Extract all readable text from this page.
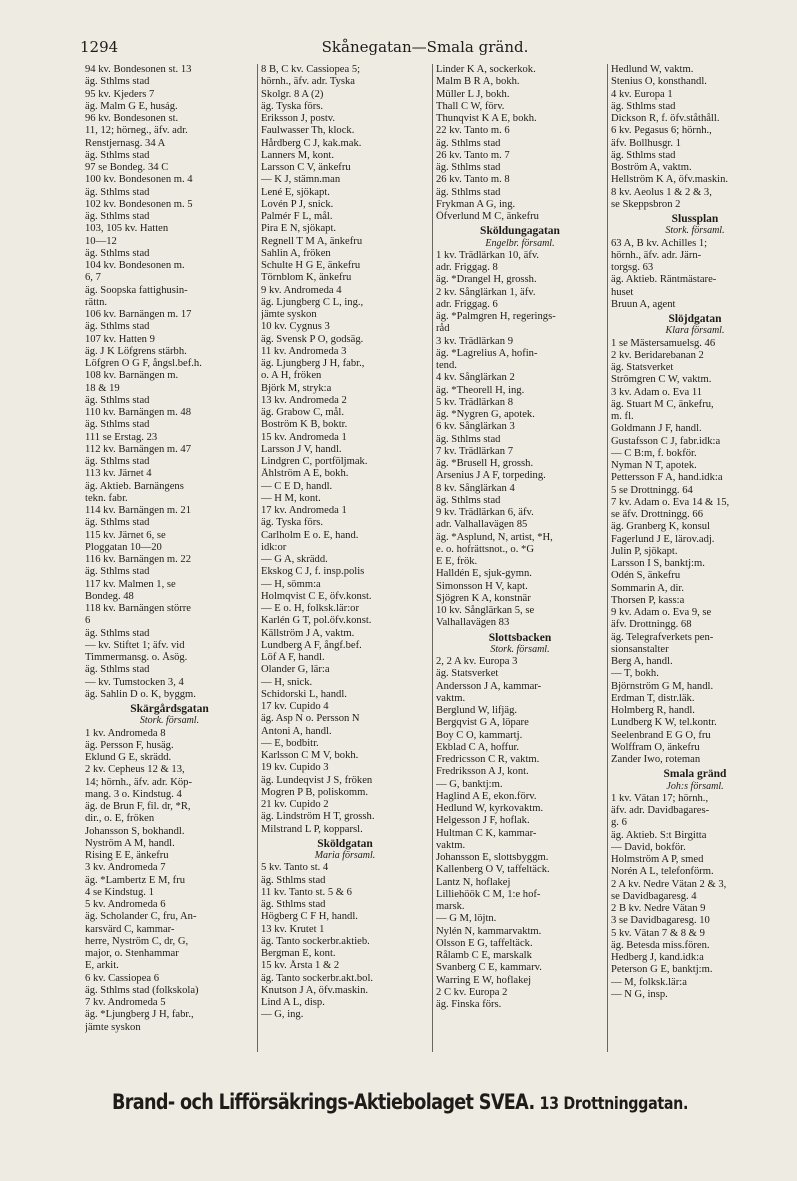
1294	Skånegatan—Smala gränd.
94 kv. Bondesonen st. 13
äg. Sthlms stad
95 kv. Kjeders 7
äg. Malm G E, huság.
96 kv. Bondesonen st.
11, 12; hörneg., äfv. adr.
Renstjernasg. 34 A
äg. Sthlms stad
97 se Bondeg. 34 C
100 kv. Bondesonen m. 4
äg. Sthlms stad
102 kv. Bondesonen m. 5
äg. Sthlms stad
103, 105 kv. Hatten
10—12
äg. Sthlms stad
104 kv. Bondesonen m.
6, 7
äg. Soopska fattighusin-
rättn.
106 kv. Barnängen m. 17
äg. Sthlms stad
107 kv. Hatten 9
äg. J K Löfgrens stärbh.
Löfgren O G F, ångsl.bef.h.
108 kv. Barnängen m.
18 & 19
äg. Sthlms stad
110 kv. Barnängen m. 48
äg. Sthlms stad
111 se Erstag. 23
112 kv. Barnängen m. 47
äg. Sthlms stad
113 kv. Järnet 4
äg. Aktieb. Barnängens
tekn. fabr.
114 kv. Barnängen m. 21
äg. Sthlms stad
115 kv. Järnet 6, se
Ploggatan 10—20
116 kv. Barnängen m. 22
äg. Sthlms stad
117 kv. Malmen 1, se
Bondeg. 48
118 kv. Barnängen större
6
äg. Sthlms stad
— kv. Stiftet 1; äfv. vid
Timmermansg. o. Åsög.
äg. Sthlms stad
— kv. Tumstocken 3, 4
äg. Sahlin D o. K, byggm.
Skärgårdsgatan
Stork. församl.
1 kv. Andromeda 8
äg. Persson F, husäg.
Eklund G E, skrädd.
2 kv. Cepheus 12 & 13,
14; hörnh., äfv. adr. Köp-
mang. 3 o. Kindstug. 4
äg. de Brun F, fil. dr, *R,
dir., o. E, fröken
Johansson S, bokhandl.
Nyström A M, handl.
Rising E E, änkefru
3 kv. Andromeda 7
äg. *Lambertz E M, fru
4 se Kindstug. 1
5 kv. Andromeda 6
äg. Scholander C, fru, An-
karsvärd C, kammar-
herre, Nyström C, dr, G,
major, o. Stenhammar
E, arkit.
6 kv. Cassiopea 6
äg. Sthlms stad (folkskola)
7 kv. Andromeda 5
äg. *Ljungberg J H, fabr.,
jämte syskon
8 B, C kv. Cassiopea 5;
hörnh., äfv. adr. Tyska
Skolgr. 8 A (2)
äg. Tyska förs.
Eriksson J, postv.
Faulwasser Th, klock.
Hårdberg C J, kak.mak.
Lanners M, kont.
Larsson C V, änkefru
— K J, stämn.man
Lené E, sjökapt.
Lovén P J, snick.
Palmér F L, mål.
Pira E N, sjökapt.
Regnell T M A, änkefru
Sahlin A, fröken
Schulte H G E, änkefru
Törnblom K, änkefru
9 kv. Andromeda 4
äg. Ljungberg C L, ing.,
jämte syskon
10 kv. Cygnus 3
äg. Svensk P O, godsäg.
11 kv. Andromeda 3
äg. Ljungberg J H, fabr.,
o. A H, fröken
Björk M, stryk:a
13 kv. Andromeda 2
äg. Grabow C, mål.
Boström K B, boktr.
15 kv. Andromeda 1
Larsson J V, handl.
Lindgren C, portföljmak.
Åhlström A E, bokh.
— C E D, handl.
— H M, kont.
17 kv. Andromeda 1
äg. Tyska förs.
Carlholm E o. E, hand.
idk:or
— G A, skrädd.
Ekskog C J, f. insp.polis
— H, sömm:a
Holmqvist C E, öfv.konst.
— E o. H, folksk.lär:or
Karlén G T, pol.öfv.konst.
Källström J A, vaktm.
Lundberg A F, ångf.bef.
Löf A F, handl.
Olander G, lär:a
— H, snick.
Schidorski L, handl.
17 kv. Cupido 4
äg. Asp N o. Persson N
Antoni A, handl.
— E, bodbitr.
Karlsson C M V, bokh.
19 kv. Cupido 3
äg. Lundeqvist J S, fröken
Mogren P B, poliskomm.
21 kv. Cupido 2
äg. Lindström H T, grossh.
Milstrand L P, kopparsl.
Sköldgatan
Maria församl.
5 kv. Tanto st. 4
äg. Sthlms stad
11 kv. Tanto st. 5 & 6
äg. Sthlms stad
Högberg C F H, handl.
13 kv. Krutet 1
äg. Tanto sockerbr.aktieb.
Bergman E, kont.
15 kv. Årsta 1 & 2
äg. Tanto sockerbr.akt.bol.
Knutson J A, öfv.maskin.
Lind A L, disp.
— G, ing.
Linder K A, sockerkok.
Malm B R A, bokh.
Müller L J, bokh.
Thall C W, förv.
Thunqvist K A E, bokh.
22 kv. Tanto m. 6
äg. Sthlms stad
26 kv. Tanto m. 7
äg. Sthlms stad
26 kv. Tanto m. 8
äg. Sthlms stad
Frykman A G, ing.
Öfverlund M C, änkefru
Sköldungagatan
Engelbr. församl.
1 kv. Trädlärkan 10, äfv.
adr. Friggag. 8
äg. *Drangel H, grossh.
2 kv. Sånglärkan 1, äfv.
adr. Friggag. 6
äg. *Palmgren H, regerings-
råd
3 kv. Trädlärkan 9
äg. *Lagrelius A, hofin-
tend.
4 kv. Sånglärkan 2
äg. *Theorell H, ing.
5 kv. Trädlärkan 8
äg. *Nygren G, apotek.
6 kv. Sånglärkan 3
äg. Sthlms stad
7 kv. Trädlärkan 7
äg. *Brusell H, grossh.
Arsenius J A F, torpeding.
8 kv. Sånglärkan 4
äg. Sthlms stad
9 kv. Trädlärkan 6, äfv.
adr. Valhallavägen 85
äg. *Asplund, N, artist, *H,
e. o. hofrättsnot., o. *G
E E, frök.
Halldén E, sjuk-gymn.
Simonsson H V, kapt.
Sjögren K A, konstnär
10 kv. Sånglärkan 5, se
Valhallavägen 83
Slottsbacken
Stork. församl.
2, 2 A kv. Europa 3
äg. Statsverket
Andersson J A, kammar-
vaktm.
Berglund W, lifjäg.
Bergqvist G A, löpare
Boy C O, kammartj.
Ekblad C A, hoffur.
Fredricsson C R, vaktm.
Fredriksson A J, kont.
— G, banktj:m.
Haglind A E, ekon.förv.
Hedlund W, kyrkovaktm.
Helgesson J F, hoflak.
Hultman C K, kammar-
vaktm.
Johansson E, slottsbyggm.
Kallenberg O V, taffeltäck.
Lantz N, hoflakej
Lilliehöök C M, 1:e hof-
marsk.
— G M, löjtn.
Nylén N, kammarvaktm.
Olsson E G, taffeltäck.
Rålamb C E, marskalk
Svanberg C E, kammarv.
Warring E W, hoflakej
2 C kv. Europa 2
äg. Finska förs.
Hedlund W, vaktm.
Stenius O, konsthandl.
4 kv. Europa 1
äg. Sthlms stad
Dickson R, f. öfv.ståthåll.
6 kv. Pegasus 6; hörnh.,
äfv. Bollhusgr. 1
äg. Sthlms stad
Boström A, vaktm.
Hellström K A, öfv.maskin.
8 kv. Aeolus 1 & 2 & 3,
se Skeppsbron 2
Slussplan
Stork. församl.
63 A, B kv. Achilles 1;
hörnh., äfv. adr. Järn-
torgsg. 63
äg. Aktieb. Räntmästare-
huset
Bruun A, agent
Slöjdgatan
Klara församl.
1 se Mästersamuelsg. 46
2 kv. Beridarebanan 2
äg. Statsverket
Strömgren C W, vaktm.
3 kv. Adam o. Eva 11
äg. Stuart M C, änkefru,
m. fl.
Goldmann J F, handl.
Gustafsson C J, fabr.idk:a
— C B:m, f. bokför.
Nyman N T, apotek.
Pettersson F A, hand.idk:a
5 se Drottningg. 64
7 kv. Adam o. Eva 14 & 15,
se äfv. Drottningg. 66
äg. Granberg K, konsul
Fagerlund J E, lärov.adj.
Julin P, sjökapt.
Larsson I S, banktj:m.
Odén S, änkefru
Sommarin A, dir.
Thorsen P, kass:a
9 kv. Adam o. Eva 9, se
äfv. Drottningg. 68
äg. Telegrafverkets pen-
sionsanstalter
Berg A, handl.
— T, bokh.
Björnström G M, handl.
Erdman T, distr.läk.
Holmberg R, handl.
Lundberg K W, tel.kontr.
Seelenbrand E G O, fru
Wolffram O, änkefru
Zander Iwo, roteman
Smala gränd
Joh:s församl.
1 kv. Vätan 17; hörnh.,
äfv. adr. Davidbagares-
g. 6
äg. Aktieb. S:t Birgitta
— David, bokför.
Holmström A P, smed
Norén A L, telefonförm.
2 A kv. Nedre Vätan 2 & 3,
se Davidbagaresg. 4
2 B kv. Nedre Vätan 9
3 se Davidbagaresg. 10
5 kv. Vätan 7 & 8 & 9
äg. Betesda miss.fören.
Hedberg J, kand.idk:a
Peterson G E, banktj:m.
— M, folksk.lär:a
— N G, insp.
Brand- och Lifförsäkrings-Aktiebolaget SVEA. 13 Drottninggatan.
